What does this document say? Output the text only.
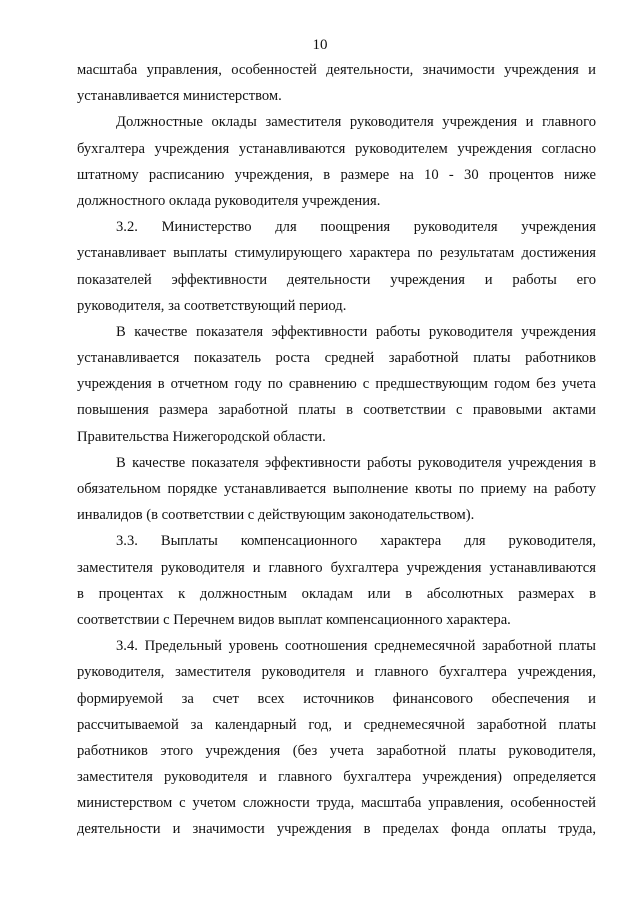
10
масштаба управления, особенностей деятельности, значимости учреждения и
устанавливается министерством.
Должностные оклады заместителя руководителя учреждения и главного
бухгалтера учреждения устанавливаются руководителем учреждения согласно
штатному расписанию учреждения, в размере на 10 - 30 процентов ниже
должностного оклада руководителя учреждения.
3.2. Министерство для поощрения руководителя учреждения
устанавливает выплаты стимулирующего характера по результатам достижения
показателей эффективности деятельности учреждения и работы его
руководителя, за соответствующий период.
В качестве показателя эффективности работы руководителя учреждения
устанавливается показатель роста средней заработной платы работников
учреждения в отчетном году по сравнению с предшествующим годом без учета
повышения размера заработной платы в соответствии с правовыми актами
Правительства Нижегородской области.
В качестве показателя эффективности работы руководителя учреждения в
обязательном порядке устанавливается выполнение квоты по приему на работу
инвалидов (в соответствии с действующим законодательством).
3.3. Выплаты компенсационного характера для руководителя,
заместителя руководителя и главного бухгалтера учреждения устанавливаются
в процентах к должностным окладам или в абсолютных размерах в
соответствии с Перечнем видов выплат компенсационного характера.
3.4. Предельный уровень соотношения среднемесячной заработной платы
руководителя, заместителя руководителя и главного бухгалтера учреждения,
формируемой за счет всех источников финансового обеспечения и
рассчитываемой за календарный год, и среднемесячной заработной платы
работников этого учреждения (без учета заработной платы руководителя,
заместителя руководителя и главного бухгалтера учреждения) определяется
министерством с учетом сложности труда, масштаба управления, особенностей
деятельности и значимости учреждения в пределах фонда оплаты труда,
